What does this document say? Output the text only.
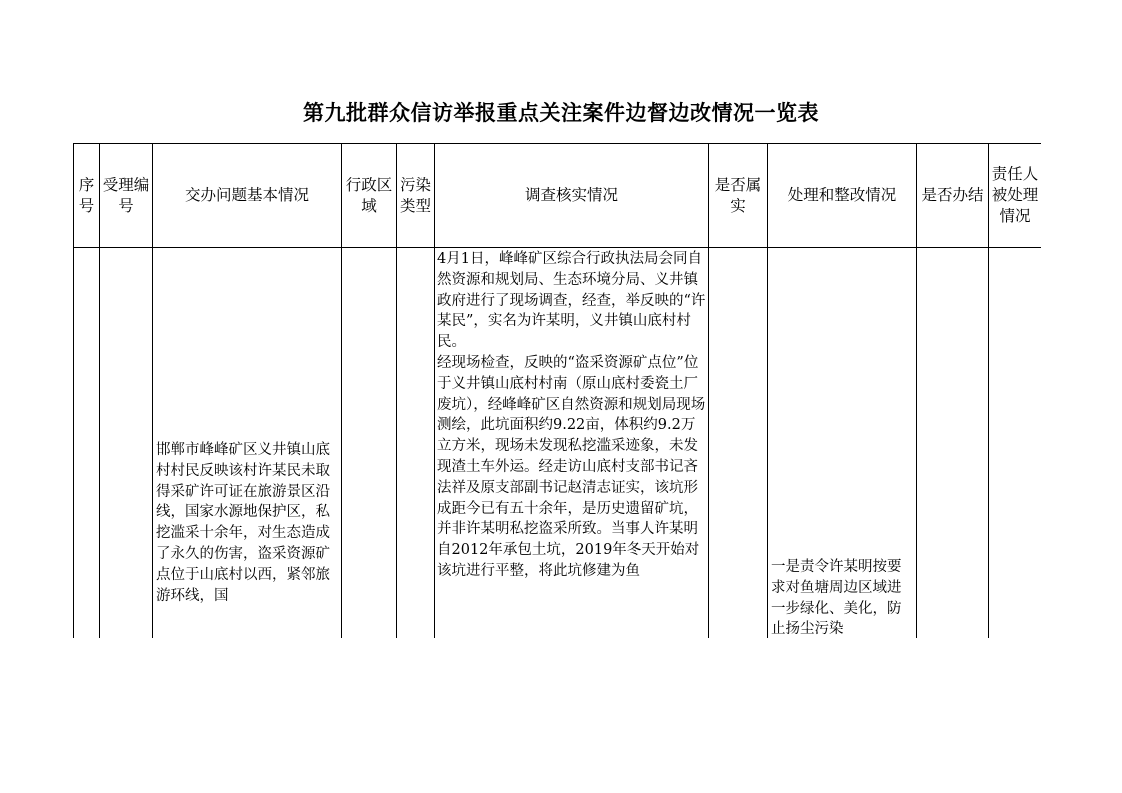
第九批群众信访举报重点关注案件边督边改情况一览表
序号	受理编号	交办问题基本情况	行政区域	污染类型	调查核实情况	是否属实	处理和整改情况	是否办结	责任人被处理情况
		邯郸市峰峰矿区义井镇山底村村民反映该村许某民未取得采矿许可证在旅游景区沿线，国家水源地保护区，私挖滥采十余年，对生态造成了永久的伤害，盗采资源矿点位于山底村以西，紧邻旅游环线，国			4月1日，峰峰矿区综合行政执法局会同自然资源和规划局、生态环境分局、义井镇政府进行了现场调查，经查，举反映的“许某民”，实名为许某明，义井镇山底村村民。
经现场检查，反映的“盗采资源矿点位”位于义井镇山底村村南（原山底村委瓷土厂废坑），经峰峰矿区自然资源和规划局现场测绘，此坑面积约9.22亩，体积约9.2万立方米，现场未发现私挖滥采迹象，未发现渣土车外运。经走访山底村支部书记吝法祥及原支部副书记赵清志证实，该坑形成距今已有五十余年，是历史遗留矿坑，并非许某明私挖盗采所致。当事人许某明自2012年承包土坑，2019年冬天开始对该坑进行平整，将此坑修建为鱼		一是责令许某明按要求对鱼塘周边区域进一步绿化、美化，防止扬尘污染		
